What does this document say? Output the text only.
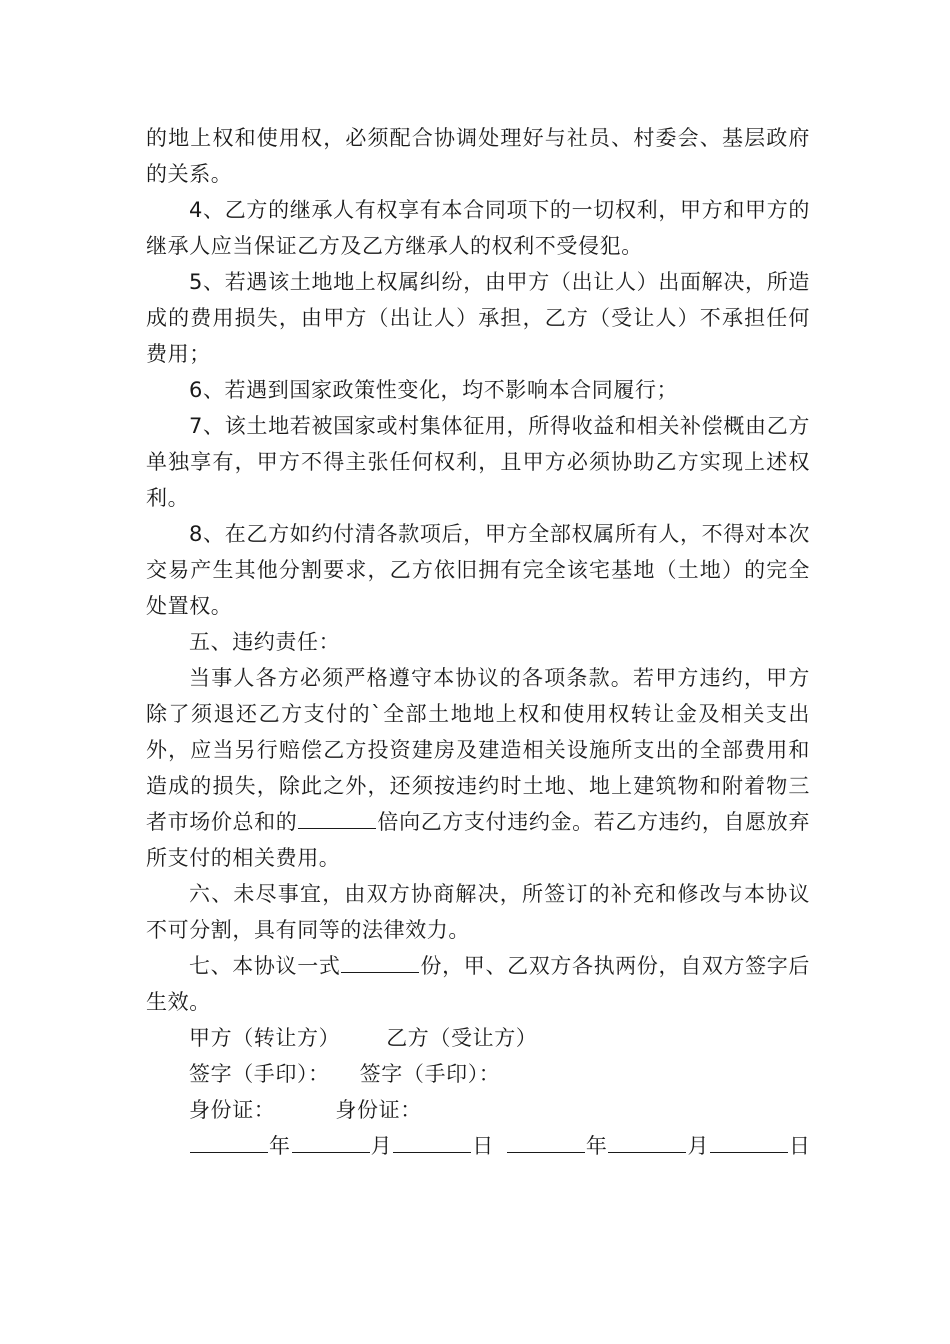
的地上权和使用权，必须配合协调处理好与社员、村委会、基层政府的关系。

4、乙方的继承人有权享有本合同项下的一切权利，甲方和甲方的继承人应当保证乙方及乙方继承人的权利不受侵犯。

5、若遇该土地地上权属纠纷，由甲方（出让人）出面解决，所造成的费用损失，由甲方（出让人）承担，乙方（受让人）不承担任何费用；

6、若遇到国家政策性变化，均不影响本合同履行；

7、该土地若被国家或村集体征用，所得收益和相关补偿概由乙方单独享有，甲方不得主张任何权利，且甲方必须协助乙方实现上述权利。

8、在乙方如约付清各款项后，甲方全部权属所有人，不得对本次交易产生其他分割要求，乙方依旧拥有完全该宅基地（土地）的完全处置权。

五、违约责任：

当事人各方必须严格遵守本协议的各项条款。若甲方违约，甲方除了须退还乙方支付的`全部土地地上权和使用权转让金及相关支出外，应当另行赔偿乙方投资建房及建造相关设施所支出的全部费用和造成的损失，除此之外，还须按违约时土地、地上建筑物和附着物三者市场价总和的	倍向乙方支付违约金。若乙方违约，自愿放弃所支付的相关费用。

六、未尽事宜，由双方协商解决，所签订的补充和修改与本协议不可分割，具有同等的法律效力。

七、本协议一式	份，甲、乙双方各执两份，自双方签字后生效。

甲方（转让方） 乙方（受让方）

签字（手印）： 签字（手印）：

身份证：	身份证：

年	月	日	年	月	日
